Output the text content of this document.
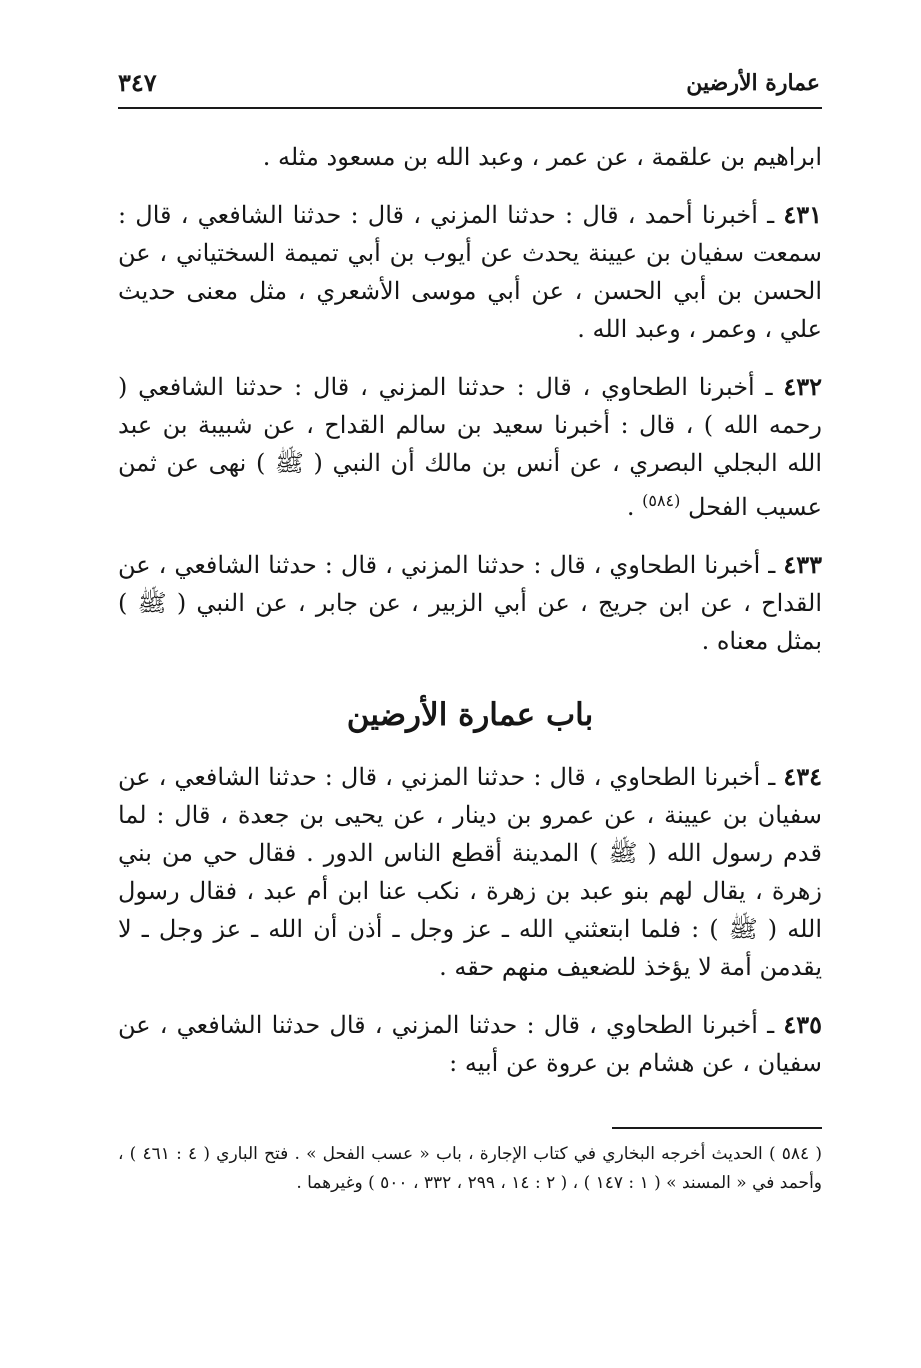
عمارة الأرضين
٣٤٧

ابراهيم بن علقمة ، عن عمر ، وعبد الله بن مسعود مثله .

٤٣١ ـ أخبرنا أحمد ، قال : حدثنا المزني ، قال : حدثنا الشافعي ، قال : سمعت سفيان بن عيينة يحدث عن أيوب بن أبي تميمة السختياني ، عن الحسن بن أبي الحسن ، عن أبي موسى الأشعري ، مثل معنى حديث علي ، وعمر ، وعبد الله .

٤٣٢ ـ أخبرنا الطحاوي ، قال : حدثنا المزني ، قال : حدثنا الشافعي ( رحمه الله ) ، قال : أخبرنا سعيد بن سالم القداح ، عن شبيبة بن عبد الله البجلي البصري ، عن أنس بن مالك أن النبي ( ﷺ ) نهى عن ثمن عسيب الفحل $^{(٥٨٤)}$ .

٤٣٣ ـ أخبرنا الطحاوي ، قال : حدثنا المزني ، قال : حدثنا الشافعي ، عن القداح ، عن ابن جريج ، عن أبي الزبير ، عن جابر ، عن النبي ( ﷺ ) بمثل معناه .

باب عمارة الأرضين

٤٣٤ ـ أخبرنا الطحاوي ، قال : حدثنا المزني ، قال : حدثنا الشافعي ، عن سفيان بن عيينة ، عن عمرو بن دينار ، عن يحيى بن جعدة ، قال : لما قدم رسول الله ( ﷺ ) المدينة أقطع الناس الدور . فقال حي من بني زهرة ، يقال لهم بنو عبد بن زهرة ، نكب عنا ابن أم عبد ، فقال رسول الله ( ﷺ ) : فلما ابتعثني الله ـ عز وجل ـ أذن أن الله ـ عز وجل ـ لا يقدمن أمة لا يؤخذ للضعيف منهم حقه .

٤٣٥ ـ أخبرنا الطحاوي ، قال : حدثنا المزني ، قال حدثنا الشافعي ، عن سفيان ، عن هشام بن عروة عن أبيه :

( ٥٨٤ ) الحديث أخرجه البخاري في كتاب الإجارة ، باب « عسب الفحل » . فتح الباري ( ٤ : ٤٦١ ) ، وأحمد في « المسند » ( ١ : ١٤٧ ) ، ( ٢ : ١٤ ، ٢٩٩ ، ٣٣٢ ، ٥٠٠ ) وغيرهما .
